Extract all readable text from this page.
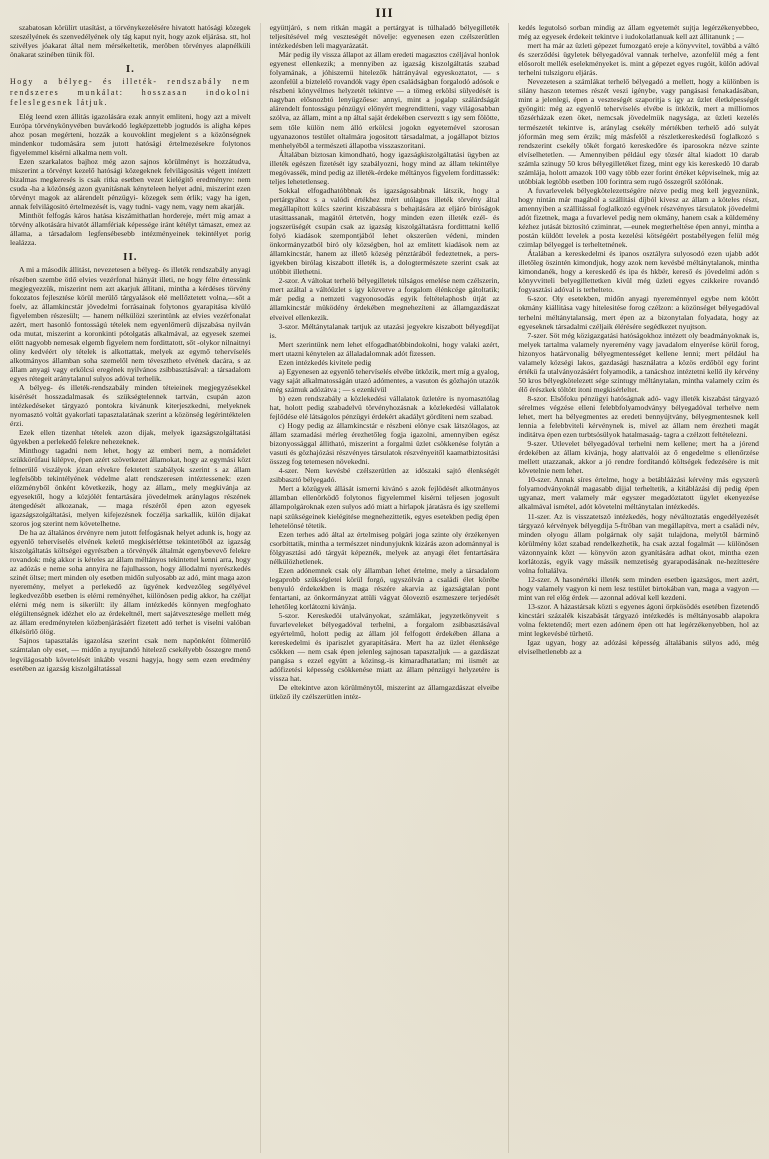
III

szabatosan körülírt utasítást, a törvénykezelésére hivatott hatósági közegek szeszélyének és szenvedélyének oly tág kaput nyit, hogy azok eljárása. stt, hol szivélyes jóakarat által nem mérsékeltetik, meröben törvényes alapnélküli önakarat szinében tünik föl.

I.
Hogy a bélyeg- és illeték- rendszabály nem rendszeres munkálat: hosszasan indokolni feleslegesnek látjuk.

Elég leend ezen állitás igazolására ezak annyit emliteni, hogy azt a mivelt Európa törvénykönyvében buvárkodó legképzettebb jogtudós is aligha képes ahoz posan megérteni, hozzák a kouvoklint megjelent s a közönségnek mindenkor tudomására sem jutott hatósági értelmezésekre folytonos figyelemmel kisérni alkalma nem volt.

Ezen szarkalatos bajhoz még azon sajnos körülményt is hozzátudva, miszerint a törvényt kezelő hatósági közegeknek felvilágositás végett intézett bizalmas megkeresés is csak ritka esetben vezet kielégitő eredményre: nem csuda -ha a közönség azon gyanitásnak kényteleen helyet adni, miszerint ezen törvényt magok az alárendelt pénzügyi- közegek sem érlik; vagy ha igen, annak felvilágositó értelmezését is, vagy tudni- vagy nem, vagy nem akarják.

Minthöt felfogás káros hatása kiszámithatlan hordereje, mért míg amaz a törvény alkotására hivatót államfériak képessége iránt kétélyt támaszt, emez az állama, a társadalom legfensébesebb intézményeinek tekintélyet porig lealázza.

II.

A mi a második állitást, nevezetesen a bélyeg- és illeték rendszabály anyagi részében szembe ötlő elvies vezérfonal hiányát illeti, ne hogy félre értessünk megjegyezzük, miszerint nem azt akarjuk állitani, mintha a kérdéses törvény fokozatos fejlesztése körül merülő tárgyalások elé mellőztetett volna,—sőt a foelv, az államkincstár jövedelmi forrásainak folytonos gyarapitása kívüló figyelemben részesült; — hanem nélkülözi szerintünk az elvies vezérfonalat azért, mert hasonló fontosságú tételek nem egyenlőmerü díjszabása nyilván oda mutat, miszerint a koronkinti pótolgatás alkalmával, az egyesek szemei előtt nagyobb nemesak elgemb figyelem nem fordittatott, sőt -olykor nilnaitnyi oliny kedvéért oly tételek is alkottattak, melyek az egymő tehervíselés alkotmányos államban soha szemelől nem tévesztheto elvének dacára, s az állam anyagi vagy erkölcsi eregének nyilvános zsibbasztásával: a társadalom egyes rétegeit aránytalanul sulyos adóval terhelik.

A bélyeg- és illeték-rendszabály minden téteieinek megjegyzésekkel kisérését hosszadalmasak és szükségtelennek tartván, csupán azon intézkedéseket tárgyazó pontokra kivánunk kiterjeszkedni, melyeknek nyomasztó voltát gyakorlati tapasztalatának szerint a közönség legérintéktelen érzi.

Ezek ellen tizenhat tételek azon dijak, melyek igazságszolgáltatási ügyekben a perlekedő felekre nehezeknek.

Minthogy tagadni nem lehet, hogy az emberi nem, a nomádelet szükkörüfaui kilépve, épen azért szövetkezet államokat, hogy az egymási közt felnerülő viszályok józan elvekre fektetett szabályok szerint s az állam legfelsőbb tekintélyének védelme alatt rendszeresen intéztessenek: ezen előzményből önként következik, hogy az állam,, mely megkivánja az egyesektől, hogy a közjólét fentartására jövedelmek aránylagos részének átengedését alkozanak, — maga részéről épen azon egyesek igazságszolgáltatási, melyen kifejezésnek foczélja sarkallik, külön dijakat szoros jog szerint nem követelhetne.

De ha az általános érvényre nem jutott felfogásnak helyet adunk is, hogy az egyenlő tehervíselés elvének kelető megkisérléttse tekintetőből az igazság kiszolgáltatás költségei egyrészben a törvényék általmát egenybevevő felekre rovandok: még akkor is kételes az állam méltányos tekintettel kenni arra, hogy az adózás e neme soha annyira ne fajulhasson, hogy állodalmi nyerészkedés szinét öltse; mert minden oly esetben midőn sulyosabb az adó, mint maga azon nyeremény, melyet a perlekedő az ügyének kedvezőleg segélyével legkedvezőbb esetben is elérni reményéhet, különösen pedig akkor, ha czéljat elérni még nem is sikerült: ily állam intézkedés könnyen megfoghato elégültenségnek idézhet elo az érdekeltnél, mert sajátvesztesége mellett még az állam eredménytelen közbenjárásáért fizetett adó terhet is viselni valóban élkésörlő ölög.

Sajnos tapasztalás igazolása szerint csak nem napönként fölmerülő számtalan oly eset, — midőn a nyujtandó hitelező csekélyebb összegre menő legvilágosabb követelését inkább veszni hagyja, hogy sem ezen eredmény esetében az igazság kiszolgáltatással

együttjáró, s nem ritkán magát a pertárgyat is túlhaladó bélyegilleték teljesítésével még veszteségét növelje: egyenesen ezen czélszerütlen intézkedésben leli magyarázatát.

Már pedig ily vissza állapot az állam eredeti magasztos czéljával honlok egyenest ellenkezik; a mennyiben az igazság kiszolgáltatás szabad folyamának, a jóhiszemü hitelezők hátrányával egyeskoztatot, — s azonfelül a biztelelő rovandók vagy épen családságban forgalodó adósok e részbeni könyvélmes helyzetét tekintve — a tömeg erkölsi sülyedését is nagyban elősnozbtó lenyügzőese: annyi, mint a jogalap szálárdságát alárendelt fontosságu pénzügyi előnyért megrenditteni, vagy világosabban szólva, az állam, mint a np által saját érdekében cserveztt s igy sem fölötte, sem tőle külön nem álló erkölcsi jogokn egyetemével szorosan ugyanazonos testület oltalmára jogositott társadalmat, a jogállapot biztos menhelyéből a természeti állapotba visszaszoritani.

Általában biztosan kimondható, hogy igazságkiszolgáltatási ügyben az illeték egészen fizetését igy szabályozni, hogy mind az állam tekintélye megóvassék, mind pedig az illeték-érdeke méltányos figyelem fordittassék: teljes lehetetlenseg.

Sokkal elfogadhatóbbnak és igazságosabbnak látszik, hogy a pertárgyához s a valódi értékhez mért utólagos illeték törvény által megállapított külcs szerint kiszabássra s behajtására az eljáró bíróságok utasittassanak, magától értetvén, hogy minden ezen illeték ezél- és jogszerüségét csupán csak az igazság kiszolgáltatásra forditttatni kellő folyó kiadások szempontjából lehet okszerüen védeni, minden önkormányzatból biró oly községben, hol az emlitett kiadások nem az államkincstár, hanem az illető község pénztárából fedeztetnek, a pers-igyekben birólag kiszabott illeték is, a dologtermészete szerint csak az utóbbit illethetni.

2-szor. A váltokat terhelö bélyegilletek túlságos emelése nem czélszerin, mert azáltal a váltóüzlet s igy közvetve a forgalom élénkcége gátoltatik; már pedig a nemzeti vagyonosodás egyik feltételaphosb útját az államkincstár müködény érdekében megnehezíteni az államgazdászat elveivel ellenkezik.

3-szor. Méltánytalanak tartjuk az utazási jegyekre kiszabott bélyegdíjat is.

Mert szerintünk nem lehet elfogadhatóbbindokolni, hogy valaki azért, mert utazni kénytelen az állaladalomnak adót fizessen.

Ezen intézkedés kivitele pedig

a) Egyenesen az egyenlő tehervíselés elvébe ütközik, mert míg a gyalog, vagy saját alkalmatosságán utazó adómentes, a vasuton és gözhajón utazók még számuk adózátva ; — s ezenkívül

b) ezen rendszabály a közlekedési vállalatok üzletére is nyomasztólag hat, holott pedig szabadelvü törvényhozásnak a közlekedési vállalatok fejlődése elé látságolos pénzügyi érdekért akadályt gördíteni nem szabad.

c) Hogy pedig az államkincstár e részbeni elönye csak látszólagos, az állam szamadási mérleg érezhetőleg fogja igazolni, amennyiben egész bizonyossággal állitható, miszerint a forgalmi üzlet csökkenése folytán a vasuti és gözhajózási részvényes társulatok részvényeitől kaamatbiztositási összeg fog tetemesen növekedni.

4-szer. Nem kevésbé czélszerütlen az idöszaki sajtó élenkségét zsibbasztó bélyegadó.

Mert a közügyek állását ismerni kivánó s azok fejlödését alkotmányos államban ellenörködő folytonos figyelemmel kisérni teljesen jogosult állampolgároknak ezen sulyos adó miatt a hirlapok járatásra és igy szellemi napi szükségeinek kielégitése megnehezittetik, egyes esetekben pedig épen lehetelönsé tétetik.

Ezen terhes adó által az értelmiseg polgári joga szinte oly érzékenyen csorbíttatik, mintha a természzet nindunyjuknk kizárás azon adománnyal is fölgyasztási adó tárgyát képeznék, melyek az anyagi élet fentartására nélkülözhetlenek.

Ezen adónemnek csak oly államban lehet értelme, mely a társadalom legaprobb szükségletei körül forgó, ugyszólván a családi élet körébe benyuló érdekekben is maga részére akarvia az igazságtalan pont fentartani, az önkormányzat attüli vágyat öloveztö eszmeszere terjedését lehetőleg korlátozni kivánja.

5-szor. Kereskedöi utalványokat, számlákat, jegyzetkönyveit s fuvarleveleket bélyegadóval terhelni, a forgalom zsibbasztásával egyértelmű, holott pedig az állam jól felfogott érdekében állana a kereskedelmi és ipariszlet gyarapitására. Mert ha az üzlet élenksége csökken — nem csak épen jelenleg sajnosan tapasztaljuk — a gazdászat pangása s ezzel együtt a közinsg.-is kimaradhatatlan; mi iismét az adófizetési képesség csökkenése miatt az állam pénzügyi helyzetére is vissza hat.

De eltekintve azon körülménytől, miszerint az államgazdászat elveibe ütköző ily czélszerütlen intéz-

kedés legutolsó sorban mindig az állam egyetemét sujtja legérzékenyebbeo, még az egyesek érdekeit tekintve i iudokolatlanuak kell azt állitanunk ; —

mert ha már az üzleti gépezet fumozgató ereje a könyvvitel, továbbá a váltó és szerződési ügyletek bélyegadóval vannak terhelve, azonfelül még a fent elősorolt mellék eselekményeket is. mint a gépezet egyes rugóit, külön adóval terhelni tulszigoru eljárás.

Nevezetesen a számlákat terhelő bélyegadó a mellett, hogy a különben is silány haszon tetemes részét veszi igénybe, vagy pangásasi fenakadásában, mint a jelenlegi, épen a veszteségét szaporitja s igy az üzlet életképességét gyöngiti: még az egyenlő tehervíselés elvébe is ütközik, mert a milliomos tőzsérházak ezen öket, nemcsak jövedelmük nagysága, az üzleti kezelés természetét tekintve is, aránylag csekély mértékben terhelő adó sulyát jóformán meg sem érzik; míg másfelől a részletkereskedésű foglalkozó s rendszerint csekély tőkét forgató kereskedőre és iparosokra nézve szinte elvíselhetetlen. — Amennyiben például egy tözsér által kiadott 10 darab számla szinugy 50 kros bélyegilletéket fizeg, mint egy kis kereskedö 10 darab számlája, holott amazok 100 vagy több ezer forint értéket képviselnek, míg az utóbbiak legtöbb esetben 100 forintra sem rugó összegről szólónak.

A fuvarlevelek bélyegkötelezettségére nézve pedig meg kell jegyeznünk, hogy nintán már magából a szállítási díjból kivesz az állam a köteles részt, amennyiben a szállítással foglalkozó egyének részvényes társulatok jövedelmi adót fizetnek, maga a fuvarlevel pedig nem okmány, hanem csak a küldemény kézhez jutását biztosító cziminrat, —eunek megterheltése épen annyi, mintha a postán küldött levelek a posta kezelési kötségéért postabélyegen felül még czimlap bélyeggel is terheltetnének.

Átalában a kereskedelmi és ipanos osztályra sulyosodó ezen ujabb adót illetőleg öszintén kimondjuk, hogy azok nem kevésbé méltánytalanok, mintha kimondanék, hogy a kereskedő és ipa és hkbér, kereső és jövedelmi adón s könyvvitteli belyegillettetken kívül még üzleti egyes czikkeire rovandó fogyasztási adóval is terhelteto.

6-szor. Oly esetekben, midőn anyagi nyereménnyel egybe nem kötött okmány kiállitása vagy hitelesitése forog czélzon: a közönséget bélyegadóval terhelni méltánytalanság, mert épen az a bizonytalan folyadata, hogy az egyeseknek társadalmi czéljaik élérésére segédkezet nyujtson.

7-szer. Söt még közigazgatási hatóságokhoz intézett oly beadmányoknak is, melyek tartalma valamely nyeremény vagy javadalom elnyerése körül forog, hizonyos határvonalig bélyegmentességet kellene lenni; mert például ha valamely községi lakos, gazdasági használatra a közös erdőböl egy forint értékü fa utalványozásáért folyamodik, a tanácshoz intéztetni kellő ily kérvény 50 kros bélyegkötelezett sége szintugy méltánytalan, mintha valamely czím és élő érészkek töltött itoni megkisérleltet.

8-szor. Elsőfoku pénzügyi hatóságnak adó- vagy illeték kiszabást tárgyazó sérelmes végzése elleni felebbfolyamodványy bélyegadóval terhelve nem lehet, mert ha bélyegmentes az eredeti bennyújtvány, bélyegmentesnek kell lennia a felebbviteli kérvénynek is, mivel az állam nem érezheti magát inditátva épen ezen turbtsósülyok hatalmasaág- tagra a czélzott feltételezni.

9-szer. Utlevelet bélyegadóval terhelni nem kellene; mert ha a jórend érdekében az állam kívánja, hogy alattvalói az ő engedelme s ellenőrzése mellett utazzanak, akkor a jó rendre fordítandó költségek fedezésére is mit követelnie nem lehet.

10-szer. Annak síres értelme, hogy a betábláázási kérvény más egyszerü folyamodványoknál magasabb dijjal terheltetik, a kitáblázási dij pedig épen ugyanaz, mert valamely már egyszer megadóztatott ügylet ekenyezése alkalmával ismétel, adót követelni méltánytalan intézkedés.

11-szer. Az is visszatetszö intézkedés, hogy néváltoztatás engedélyezését tárgyazó kérvények bélyegdija 5-ftrőban van megállapítva, mert a családi név, minden olyogu állam polgárnak oly saját tulajdona, melytől bárminő körülmény közt szabad rendelkezhetik, ha csak azzal fogalmát — különösen vázonnyaink közt — könyvön azon gyanítására adhat okot, mintha ezen korlátozás, egyik vagy mássik nemzetiség gyarapodásának ne-hezíttesére volna foltalálva.

12-szer. A hasonértéki illeték sem minden esetben igazságos, mert azért, hogy valamely vagyon ki nem lesz testület birtokában van, maga a vagyon — mint van rel előg érdek — azonnal adóval kell kezdeni.

13-szor. A házastársak közti s egyenes ágoni örpkösödés esetében fizetendő kincstári százalék kiszabását tárgyazó intézkedés is méltányosabb alapokra volna fektetendő; mert ezen adónem épen ott hat legérzékenyebben, hol az mint legkevésbé türhető.

Igaz ugyan, hogy az adózási képesség általábanis súlyos adó, még elviselhetlenebb az a
